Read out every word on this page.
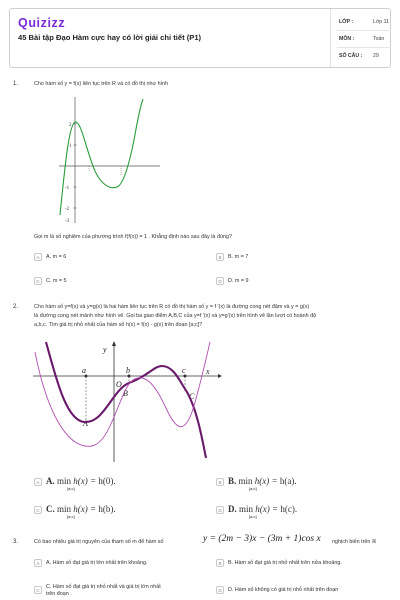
Quizizz
45 Bài tập Đạo Hàm cực hay có lời giải chi tiết (P1)
LỚP :	Lớp 11
MÔN :	Toán
SỐ CÂU : 29
1.	Cho hàm số y = f(x) liên tục trên R và có đồ thị như hình
2
1
-1
-2
-3
Gọi m là số nghiệm của phương trình f(f(x)) = 1 . Khẳng định nào sau đây là đúng?
A	A. m = 6	B	B. m = 7
C	C. m = 5	D	D. m = 9
2.	Cho hàm số y=f(x) và y=g(x) là hai hàm liên tục trên R có đồ thị hàm số y = f '(x) là đường cong nét đậm và y = g(x)
là đường cong nét mảnh như hình vẽ. Gọi ba giao điểm A,B,C của y=f '(x) và y=g'(x) trên hình vẽ lần lượt có hoành độ
a,b,c. Tìm giá trị nhỏ nhất của hàm số h(x) = f(x) - g(x) trên đoạn [a;c]?
y
x
a	b	c
O
A
B	C
A A. min h(x) = h(0).	B B. min h(x) = h(a).
C C. min h(x) = h(b).	D D. min h(x) = h(c).
[a;c]	[a;c]
[a;c]	[a;c]
3.	Có bao nhiêu giá trị nguyên của tham số m để hàm số	y = (2m − 3)x − (3m + 1)cos x nghịch biến trên ℝ
A	A. Hàm số đạt giá trị lớn nhất trên khoảng.	B	B. Hàm số đạt giá trị nhỏ nhất trên nửa khoảng.
C
C. Hàm số đạt giá trị nhỏ nhất và giá trị lớn nhất
trên đoạn .
D	D. Hàm số không có giá trị nhỏ nhất trên đoạn
